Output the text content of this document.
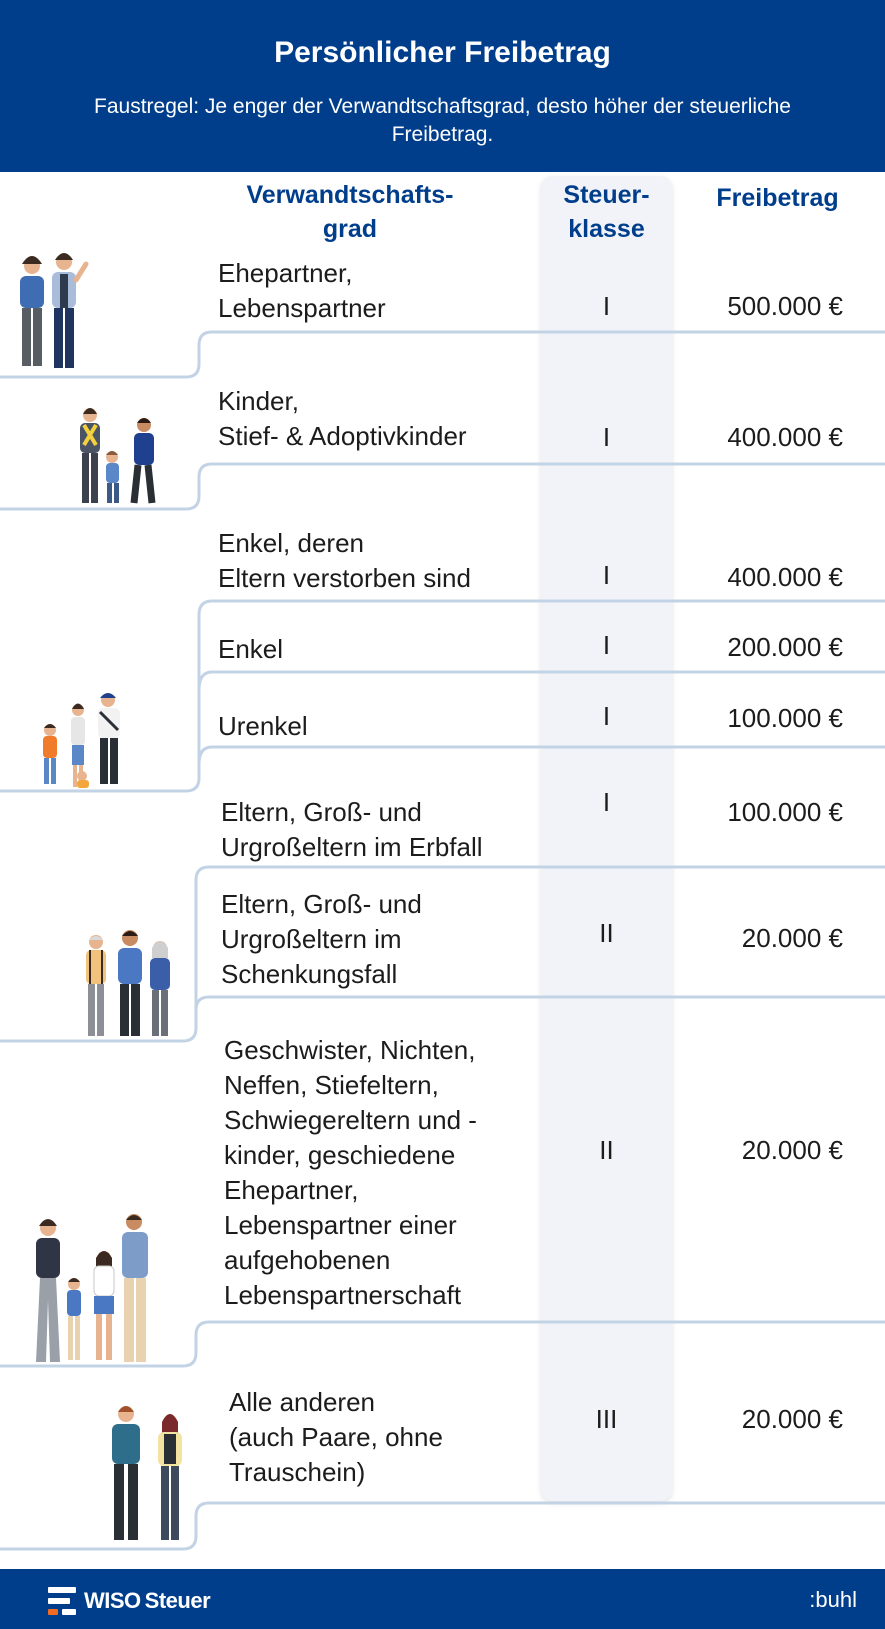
Persönlicher Freibetrag

Faustregel: Je enger der Verwandtschaftsgrad, desto höher der steuerliche Freibetrag.

Verwandtschafts-
grad
Steuer-
klasse
Freibetrag
Ehepartner,
Lebenspartner	I	500.000 €
Kinder,
Stief- & Adoptivkinder	I	400.000 €
Enkel, deren
Eltern verstorben sind	I	400.000 €
Enkel	I	200.000 €
Urenkel	I	100.000 €
Eltern, Groß- und
Urgroßeltern im Erbfall
I	100.000 €
Eltern, Groß- und
Urgroßeltern im
Schenkungsfall
II	20.000 €
Geschwister, Nichten,
Neffen, Stiefeltern,
Schwiegereltern und -
kinder, geschiedene
Ehepartner,
Lebenspartner einer
aufgehobenen
Lebenspartnerschaft
II	20.000 €
Alle anderen
(auch Paare, ohne
Trauschein)
III	20.000 €
WISO Steuer	:buhl
